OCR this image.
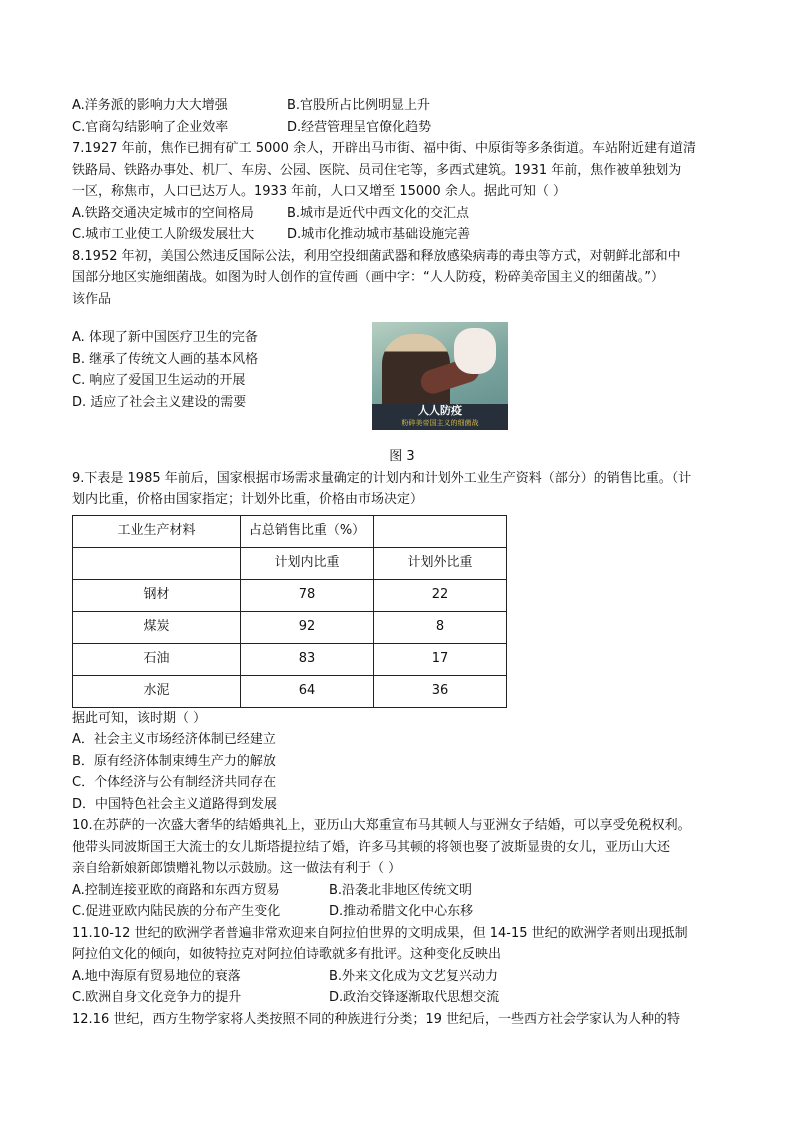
A.洋务派的影响力大大增强	B.官股所占比例明显上升
C.官商勾结影响了企业效率	D.经营管理呈官僚化趋势
7.1927 年前，焦作已拥有矿工 5000 余人，开辟出马市街、福中街、中原街等多条街道。车站附近建有道清
铁路局、铁路办事处、机厂、车房、公园、医院、员司住宅等，多西式建筑。1931 年前，焦作被单独划为
一区，称焦市，人口已达万人。1933 年前，人口又增至 15000 余人。据此可知（ ）
A.铁路交通决定城市的空间格局	B.城市是近代中西文化的交汇点
C.城市工业使工人阶级发展壮大	D.城市化推动城市基础设施完善
8.1952 年初，美国公然违反国际公法，利用空投细菌武器和释放感染病毒的毒虫等方式，对朝鲜北部和中
国部分地区实施细菌战。如图为时人创作的宣传画（画中字：“人人防疫，粉碎美帝国主义的细菌战。”）
该作品
A. 体现了新中国医疗卫生的完备
B. 继承了传统文人画的基本风格
C. 响应了爱国卫生运动的开展
D. 适应了社会主义建设的需要
人人防疫
粉碎美帝国主义的细菌战
图 3
9.下表是 1985 年前后，国家根据市场需求量确定的计划内和计划外工业生产资料（部分）的销售比重。（计
划内比重，价格由国家指定；计划外比重，价格由市场决定）
工业生产材料	占总销售比重（%）	
	计划内比重	计划外比重
钢材	78	22
煤炭	92	8
石油	83	17
水泥	64	36
据此可知，该时期（ ）
A．社会主义市场经济体制已经建立
B．原有经济体制束缚生产力的解放
C．个体经济与公有制经济共同存在
D．中国特色社会主义道路得到发展
10.在苏萨的一次盛大奢华的结婚典礼上，亚历山大郑重宣布马其顿人与亚洲女子结婚，可以享受免税权利。
他带头同波斯国王大流士的女儿斯塔提拉结了婚，许多马其顿的将领也娶了波斯显贵的女儿，亚历山大还
亲自给新娘新郎馈赠礼物以示鼓励。这一做法有利于（ ）
A.控制连接亚欧的商路和东西方贸易	B.沿袭北非地区传统文明
C.促进亚欧内陆民族的分布产生变化	D.推动希腊文化中心东移
11.10-12 世纪的欧洲学者普遍非常欢迎来自阿拉伯世界的文明成果，但 14-15 世纪的欧洲学者则出现抵制
阿拉伯文化的倾向，如彼特拉克对阿拉伯诗歌就多有批评。这种变化反映出
A.地中海原有贸易地位的衰落	B.外来文化成为文艺复兴动力
C.欧洲自身文化竞争力的提升	D.政治交锋逐渐取代思想交流
12.16 世纪，西方生物学家将人类按照不同的种族进行分类；19 世纪后，一些西方社会学家认为人种的特
